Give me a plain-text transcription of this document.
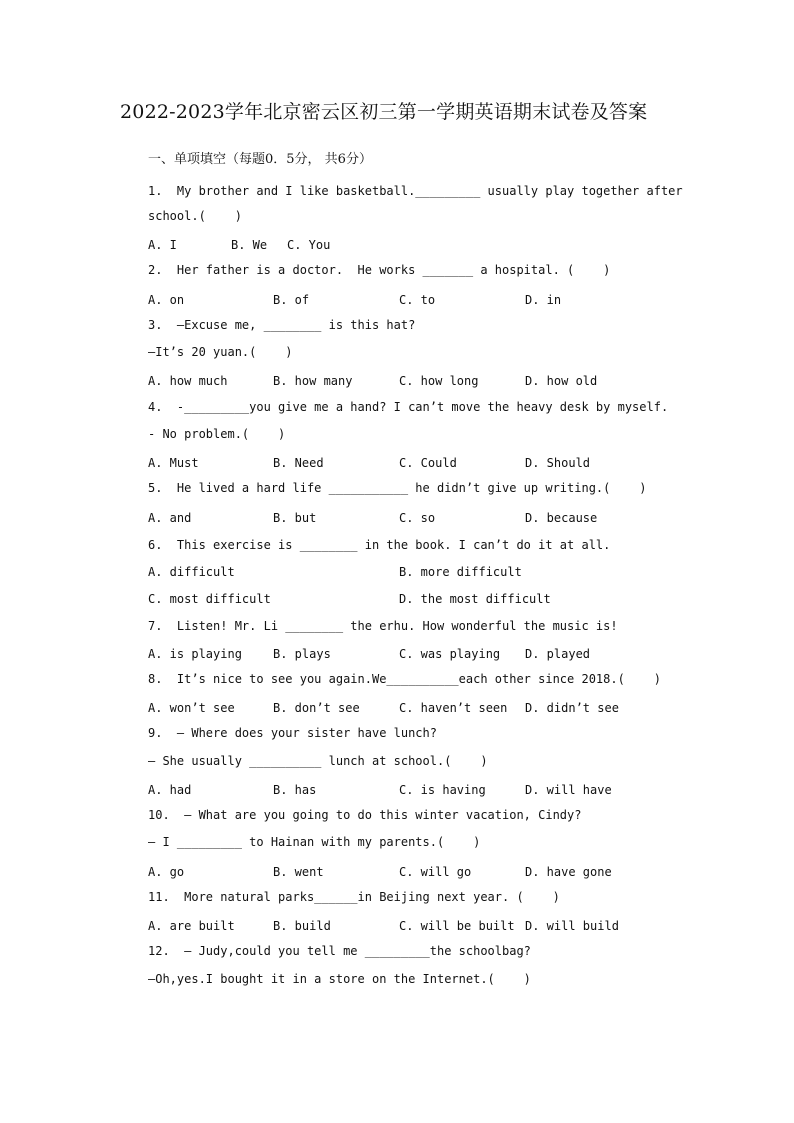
2022-2023学年北京密云区初三第一学期英语期末试卷及答案
一、单项填空（每题0．5分， 共6分）
1.  My brother and I like basketball._________ usually play together after
school.(    )
A. I	B. We C. You
2.  Her father is a doctor.  He works _______ a hospital. (    )
A. on	B. of	C. to	D. in
3.  —Excuse me, ________ is this hat?
—It’s 20 yuan.(    )
A. how much	B. how many	C. how long	D. how old
4.  -_________you give me a hand? I can’t move the heavy desk by myself.
- No problem.(    )
A. Must	B. Need	C. Could	D. Should
5.  He lived a hard life ___________ he didn’t give up writing.(    )
A. and	B. but	C. so	D. because
6.  This exercise is ________ in the book. I can’t do it at all.
A. difficult	B. more difficult
C. most difficult	D. the most difficult
7.  Listen! Mr. Li ________ the erhu. How wonderful the music is!
A. is playing	B. plays	C. was playing D. played
8.  It’s nice to see you again.We__________each other since 2018.(    )
A. won’t see	B. don’t see	C. haven’t seen D. didn’t see
9.  — Where does your sister have lunch?
— She usually __________ lunch at school.(    )
A. had	B. has	C. is having	D. will have
10.  — What are you going to do this winter vacation, Cindy?
— I _________ to Hainan with my parents.(    )
A. go	B. went	C. will go	D. have gone
11.  More natural parks______in Beijing next year. (    )
A. are built	B. build	C. will be built D. will build
12.  — Judy,could you tell me _________the schoolbag?
—Oh,yes.I bought it in a store on the Internet.(    )
